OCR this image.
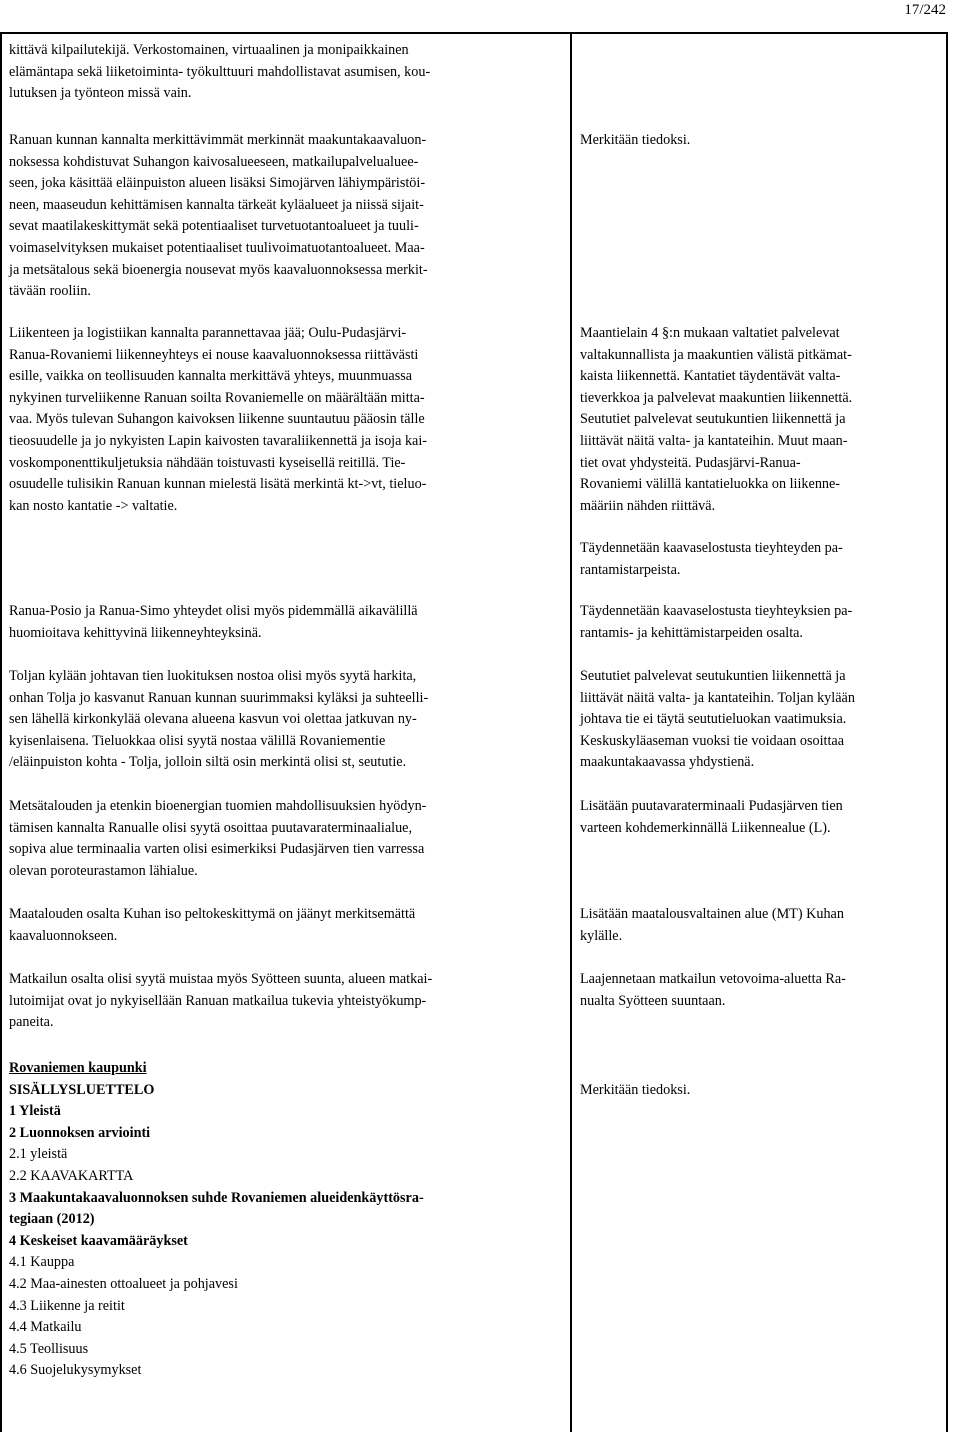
17/242

kittävä kilpailutekijä. Verkostomainen, virtuaalinen ja monipaikkainen

elämäntapa sekä liiketoiminta- työkulttuuri mahdollistavat asumisen, kou-

lutuksen ja työnteon missä vain.

Ranuan kunnan kannalta merkittävimmät merkinnät maakuntakaavaluon-

noksessa kohdistuvat Suhangon kaivosalueeseen, matkailupalvelualuee-

seen, joka käsittää eläinpuiston alueen lisäksi Simojärven lähiympäristöi-

neen, maaseudun kehittämisen kannalta tärkeät kyläalueet ja niissä sijait-

sevat maatilakeskittymät sekä potentiaaliset turvetuotantoalueet ja tuuli-

voimaselvityksen mukaiset potentiaaliset tuulivoimatuotantoalueet. Maa-

ja metsätalous sekä bioenergia nousevat myös kaavaluonnoksessa merkit-

tävään rooliin.

Merkitään tiedoksi.

Liikenteen ja logistiikan kannalta parannettavaa jää; Oulu-Pudasjärvi-

Ranua-Rovaniemi liikenneyhteys ei nouse kaavaluonnoksessa riittävästi

esille, vaikka on teollisuuden kannalta merkittävä yhteys, muunmuassa

nykyinen turveliikenne Ranuan soilta Rovaniemelle on määrältään mitta-

vaa. Myös tulevan Suhangon kaivoksen liikenne suuntautuu pääosin tälle

tieosuudelle ja jo nykyisten Lapin kaivosten tavaraliikennettä ja isoja kai-

voskomponenttikuljetuksia nähdään toistuvasti kyseisellä reitillä. Tie-

osuudelle tulisikin Ranuan kunnan mielestä lisätä merkintä kt->vt, tieluo-

kan nosto kantatie -> valtatie.

Maantielain 4 §:n mukaan valtatiet palvelevat

valtakunnallista ja maakuntien välistä pitkämat-

kaista liikennettä. Kantatiet täydentävät valta-

tieverkkoa ja palvelevat maakuntien liikennettä.

Seututiet palvelevat seutukuntien liikennettä ja

liittävät näitä valta- ja kantateihin. Muut maan-

tiet ovat yhdysteitä. Pudasjärvi-Ranua-

Rovaniemi välillä kantatieluokka on liikenne-

määriin nähden riittävä.

Täydennetään kaavaselostusta tieyhteyden pa-

rantamistarpeista.

Ranua-Posio ja Ranua-Simo yhteydet olisi myös pidemmällä aikavälillä

huomioitava kehittyvinä liikenneyhteyksinä.

Täydennetään kaavaselostusta tieyhteyksien pa-

rantamis- ja kehittämistarpeiden osalta.

Toljan kylään johtavan tien luokituksen nostoa olisi myös syytä harkita,

onhan Tolja jo kasvanut Ranuan kunnan suurimmaksi kyläksi ja suhteelli-

sen lähellä kirkonkylää olevana alueena kasvun voi olettaa jatkuvan ny-

kyisenlaisena. Tieluokkaa olisi syytä nostaa välillä Rovaniementie

/eläinpuiston kohta - Tolja, jolloin siltä osin merkintä olisi st, seututie.

Seututiet palvelevat seutukuntien liikennettä ja

liittävät näitä valta- ja kantateihin. Toljan kylään

johtava tie ei täytä seututieluokan vaatimuksia.

Keskuskyläaseman vuoksi tie voidaan osoittaa

maakuntakaavassa yhdystienä.

Metsätalouden ja etenkin bioenergian tuomien mahdollisuuksien hyödyn-

tämisen kannalta Ranualle olisi syytä osoittaa puutavaraterminaalialue,

sopiva alue terminaalia varten olisi esimerkiksi Pudasjärven tien varressa

olevan poroteurastamon lähialue.

Lisätään puutavaraterminaali Pudasjärven tien

varteen kohdemerkinnällä Liikennealue (L).

Maatalouden osalta Kuhan iso peltokeskittymä on jäänyt merkitsemättä

kaavaluonnokseen.

Lisätään maatalousvaltainen alue (MT) Kuhan

kylälle.

Matkailun osalta olisi syytä muistaa myös Syötteen suunta, alueen matkai-

lutoimijat ovat jo nykyisellään Ranuan matkailua tukevia yhteistyökump-

paneita.

Laajennetaan matkailun vetovoima-aluetta Ra-

nualta Syötteen suuntaan.

Rovaniemen kaupunki

SISÄLLYSLUETTELO

1 Yleistä

2 Luonnoksen arviointi

2.1 yleistä

2.2 KAAVAKARTTA

3 Maakuntakaavaluonnoksen suhde Rovaniemen alueidenkäyttösra-

tegiaan (2012)

4 Keskeiset kaavamääräykset

4.1 Kauppa

4.2 Maa-ainesten ottoalueet ja pohjavesi

4.3 Liikenne ja reitit

4.4 Matkailu

4.5 Teollisuus

4.6 Suojelukysymykset

Merkitään tiedoksi.
